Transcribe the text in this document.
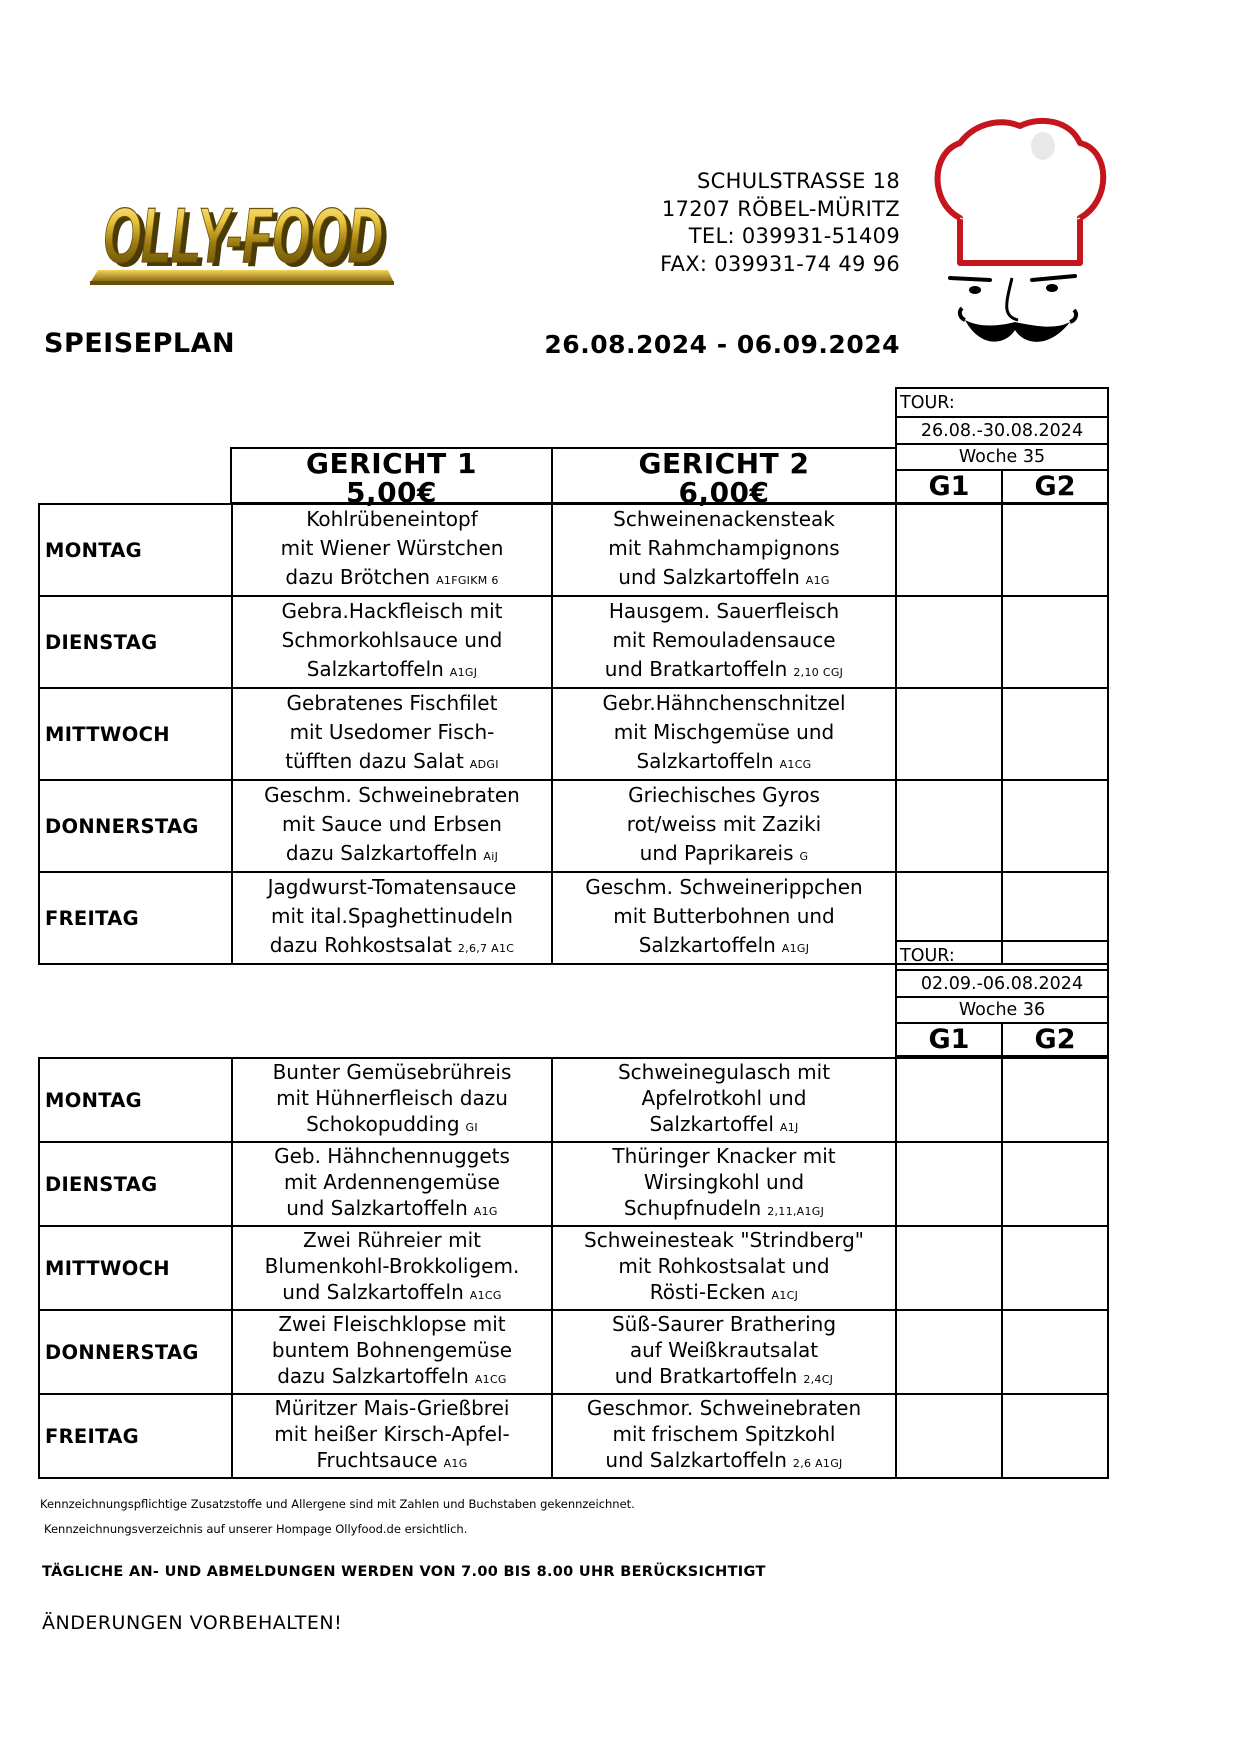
OLLY-FOOD
OLLY-FOOD
SCHULSTRASSE 18
17207 RÖBEL-MÜRITZ
TEL: 039931-51409
FAX: 039931-74 49 96
SPEISEPLAN	26.08.2024 - 06.09.2024
GERICHT 1
5,00€
GERICHT 2
6,00€
TOUR:
26.08.-30.08.2024
Woche 35
G1	G2
MONTAG	Kohlrübeneintopf
mit Wiener Würstchen
dazu Brötchen A1FGIKM 6	Schweinenackensteak
mit Rahmchampignons
und Salzkartoffeln A1G		

DIENSTAG	Gebra.Hackfleisch mit
Schmorkohlsauce und
Salzkartoffeln A1GJ	Hausgem. Sauerfleisch
mit Remouladensauce
und Bratkartoffeln 2,10 CGJ		

MITTWOCH	Gebratenes Fischfilet
mit Usedomer Fisch-
tüfften dazu Salat ADGI	Gebr.Hähnchenschnitzel
mit Mischgemüse und
Salzkartoffeln A1CG		

DONNERSTAG	Geschm. Schweinebraten
mit Sauce und Erbsen
dazu Salzkartoffeln AiJ	Griechisches Gyros
rot/weiss mit Zaziki
und Paprikareis G		

FREITAG	Jagdwurst-Tomatensauce
mit ital.Spaghettinudeln
dazu Rohkostsalat 2,6,7 A1C	Geschm. Schweinerippchen
mit Butterbohnen und
Salzkartoffeln A1GJ		
			TOUR:
02.09.-06.08.2024
Woche 36
G1	G2
MONTAG	Bunter Gemüsebrühreis
mit Hühnerfleisch dazu
Schokopudding GI	Schweinegulasch mit
Apfelrotkohl und
Salzkartoffel A1J		

DIENSTAG	Geb. Hähnchennuggets
mit Ardennengemüse
und Salzkartoffeln A1G	Thüringer Knacker mit
Wirsingkohl und
Schupfnudeln 2,11,A1GJ		

MITTWOCH	Zwei Rühreier mit
Blumenkohl-Brokkoligem.
und Salzkartoffeln A1CG	Schweinesteak "Strindberg"
mit Rohkostsalat und
Rösti-Ecken A1CJ		

DONNERSTAG	Zwei Fleischklopse mit
buntem Bohnengemüse
dazu Salzkartoffeln A1CG	Süß-Saurer Brathering
auf Weißkrautsalat
und Bratkartoffeln 2,4CJ		

FREITAG	Müritzer Mais-Grießbrei
mit heißer Kirsch-Apfel-
Fruchtsauce A1G	Geschmor. Schweinebraten
mit frischem Spitzkohl
und Salzkartoffeln 2,6 A1GJ		

Kennzeichnungspflichtige Zusatzstoffe und Allergene sind mit Zahlen und Buchstaben gekennzeichnet.
Kennzeichnungsverzeichnis auf unserer Hompage Ollyfood.de ersichtlich.
TÄGLICHE AN- UND ABMELDUNGEN WERDEN VON 7.00 BIS 8.00 UHR BERÜCKSICHTIGT
ÄNDERUNGEN VORBEHALTEN!
